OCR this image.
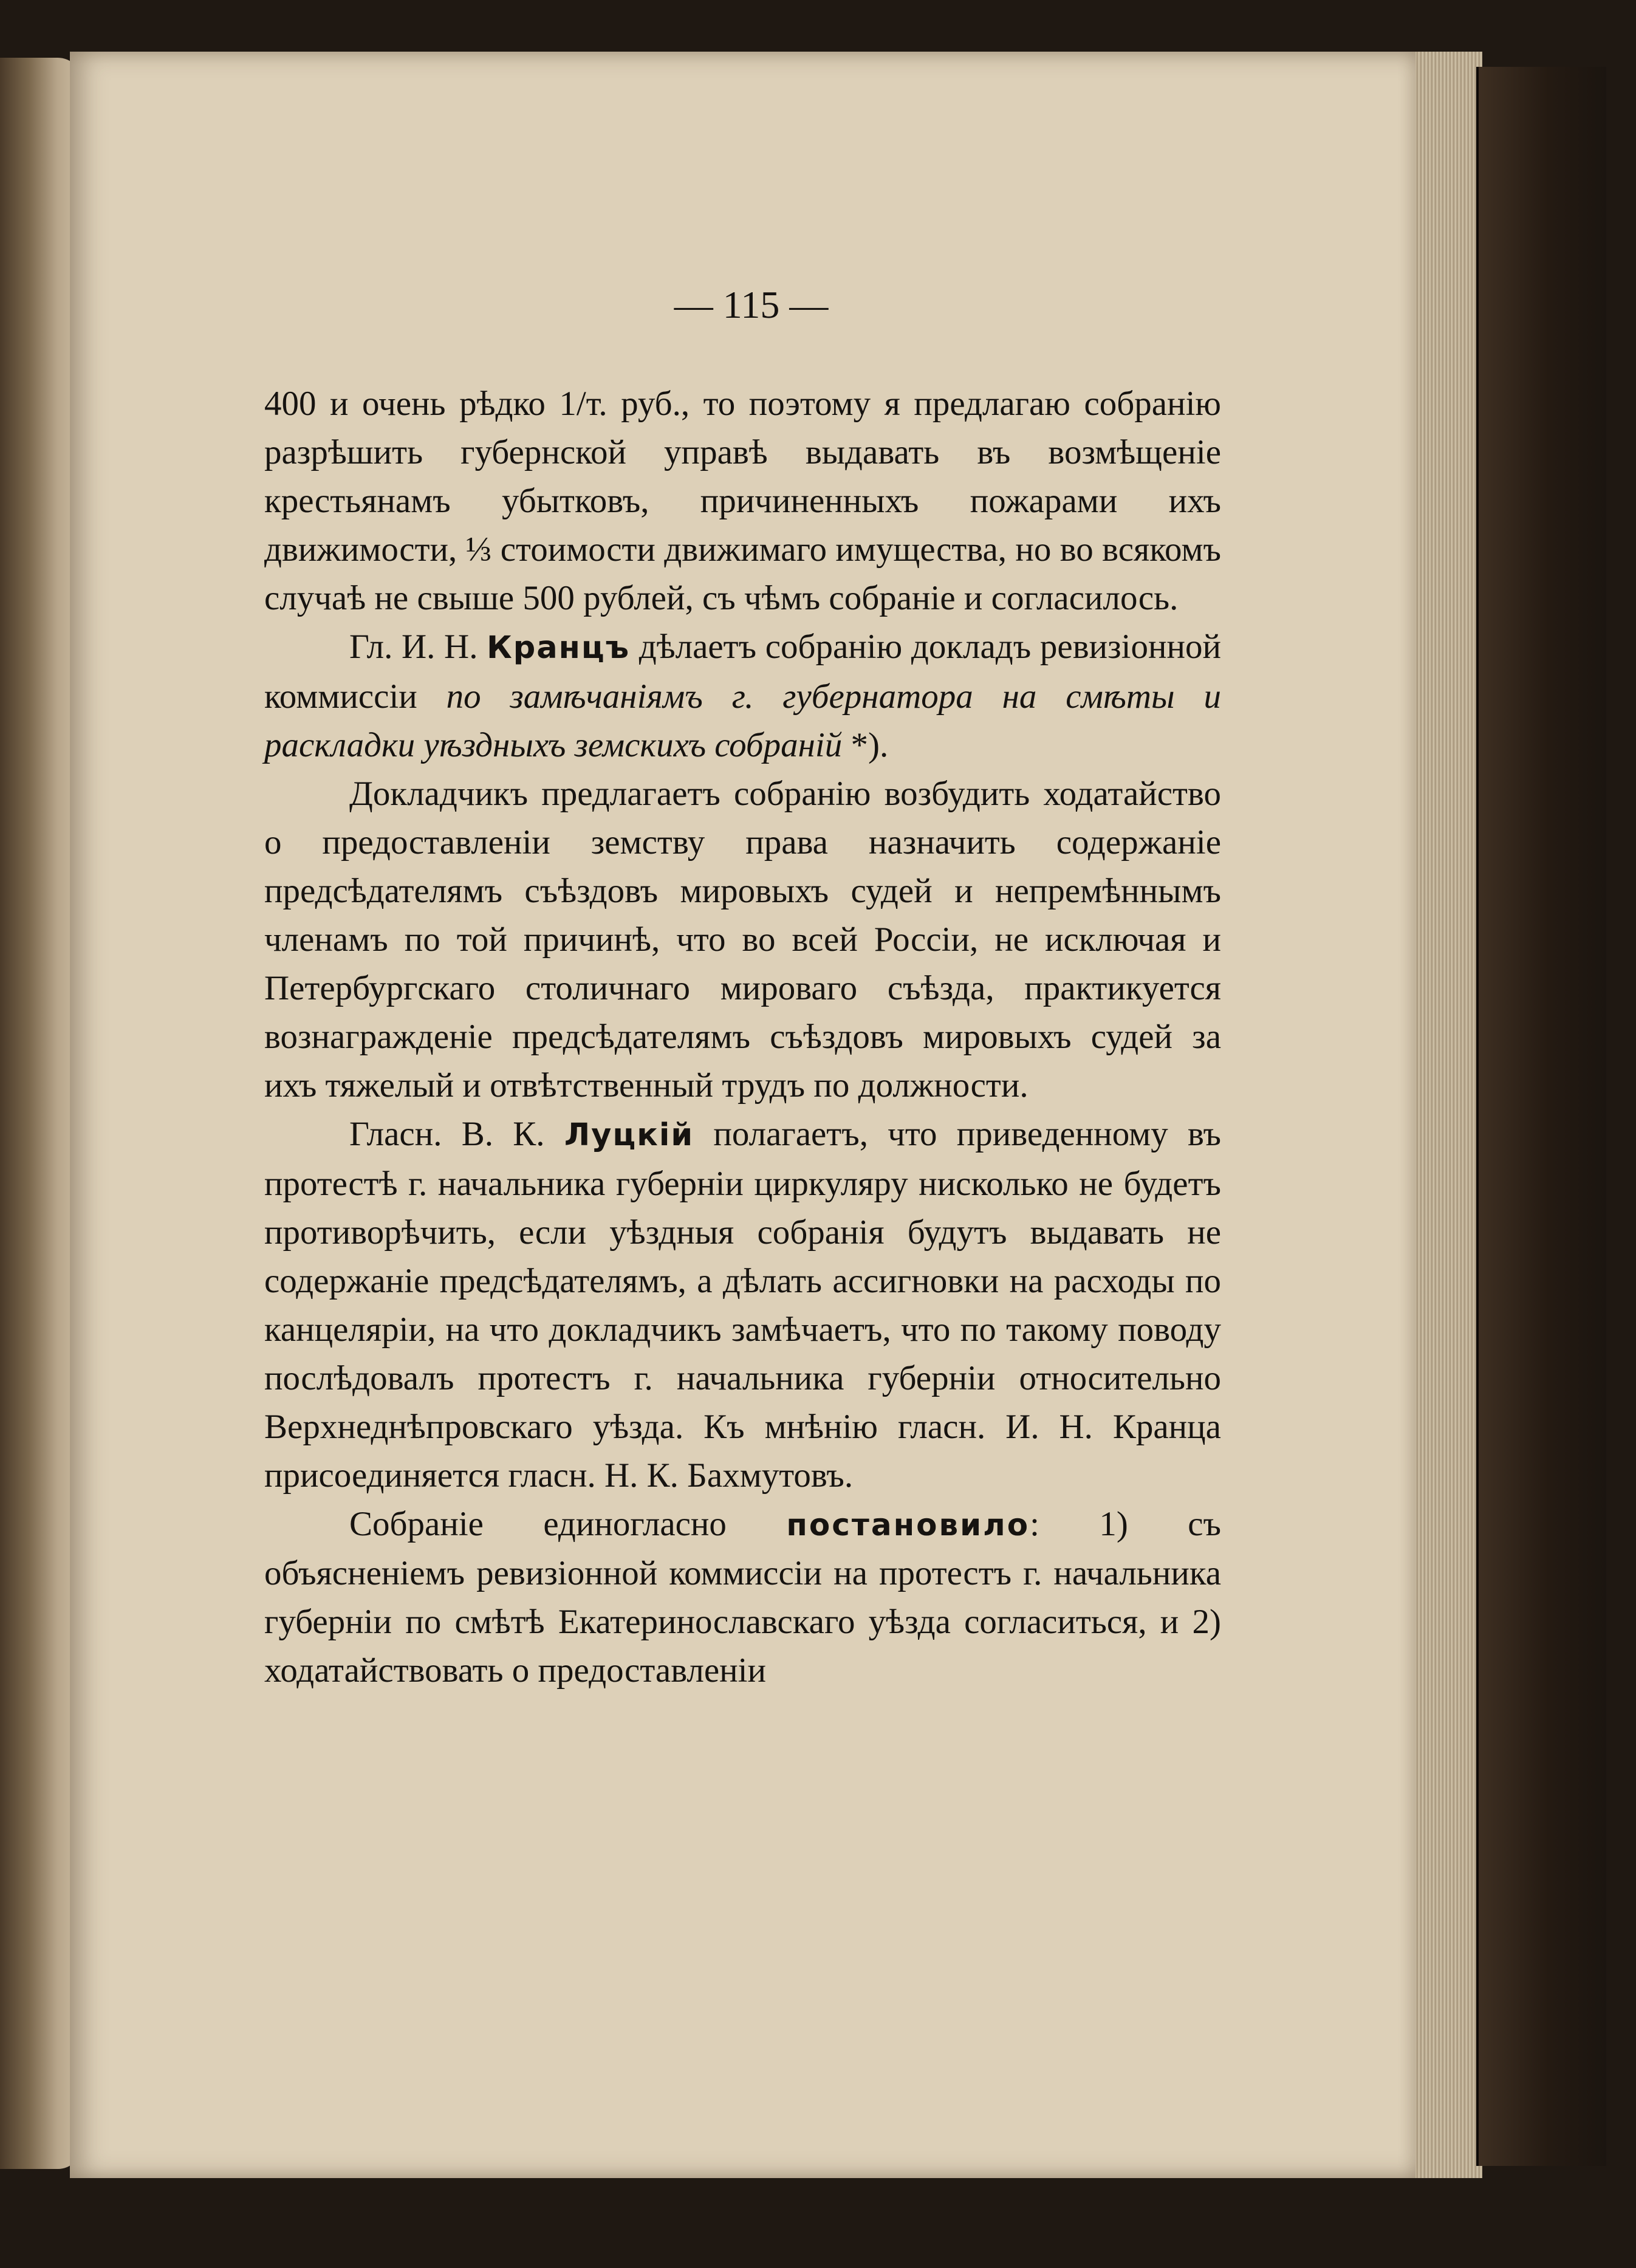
— 115 —

400 и очень рѣдко 1/т. руб., то поэтому я предлагаю собранію разрѣшить губернской управѣ выдавать въ возмѣщеніе крестьянамъ убытковъ, причиненныхъ пожарами ихъ движимости, ⅓ стоимости движимаго имущества, но во всякомъ случаѣ не свыше 500 рублей, съ чѣмъ собраніе и согласилось.

Гл. И. Н. Кранцъ дѣлаетъ собранію докладъ ревизіонной коммиссіи по замѣчаніямъ г. губернатора на смѣты и раскладки уѣздныхъ земскихъ собраній *).

Докладчикъ предлагаетъ собранію возбудить ходатайство о предоставленіи земству права назначить содержаніе предсѣдателямъ съѣздовъ мировыхъ судей и непремѣннымъ членамъ по той причинѣ, что во всей Россіи, не исключая и Петербургскаго столичнаго мироваго съѣзда, практикуется вознагражденіе предсѣдателямъ съѣздовъ мировыхъ судей за ихъ тяжелый и отвѣтственный трудъ по должности.

Гласн. В. К. Луцкій полагаетъ, что приведенному въ протестѣ г. начальника губерніи циркуляру нисколько не будетъ противорѣчить, если уѣздныя собранія будутъ выдавать не содержаніе предсѣдателямъ, а дѣлать ассигновки на расходы по канцеляріи, на что докладчикъ замѣчаетъ, что по такому поводу послѣдовалъ протестъ г. начальника губерніи относительно Верхнеднѣпровскаго уѣзда. Къ мнѣнію гласн. И. Н. Кранца присоединяется гласн. Н. К. Бахмутовъ.

Собраніе единогласно постановило: 1) съ объясненіемъ ревизіонной коммиссіи на протестъ г. начальника губерніи по смѣтѣ Екатеринославскаго уѣзда согласиться, и 2) ходатайствовать о предоставленіи
